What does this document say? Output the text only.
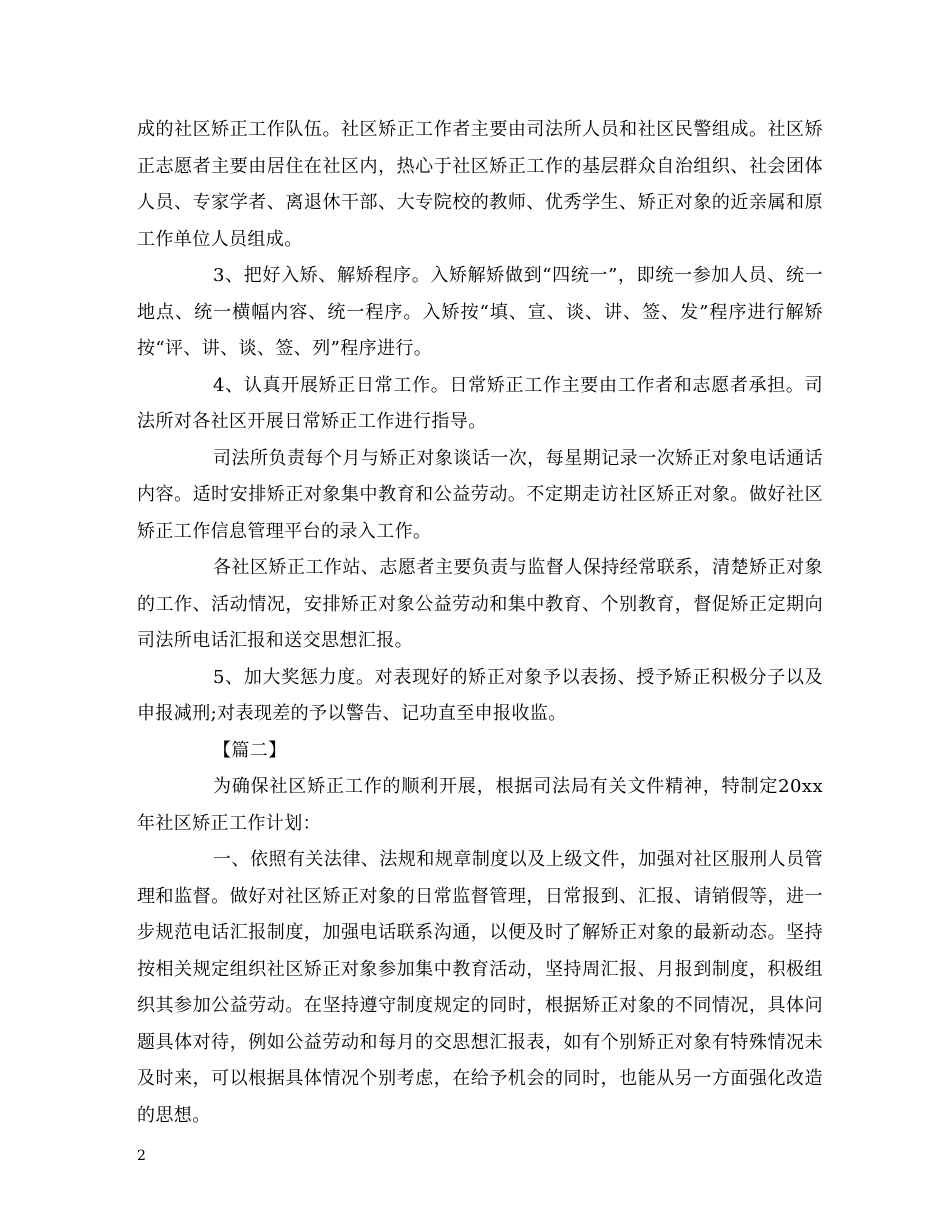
成的社区矫正工作队伍。社区矫正工作者主要由司法所人员和社区民警组成。社区矫正志愿者主要由居住在社区内，热心于社区矫正工作的基层群众自治组织、社会团体人员、专家学者、离退休干部、大专院校的教师、优秀学生、矫正对象的近亲属和原工作单位人员组成。

3、把好入矫、解矫程序。入矫解矫做到“四统一”，即统一参加人员、统一地点、统一横幅内容、统一程序。入矫按“填、宣、谈、讲、签、发”程序进行解矫按“评、讲、谈、签、列”程序进行。

4、认真开展矫正日常工作。日常矫正工作主要由工作者和志愿者承担。司法所对各社区开展日常矫正工作进行指导。

司法所负责每个月与矫正对象谈话一次，每星期记录一次矫正对象电话通话内容。适时安排矫正对象集中教育和公益劳动。不定期走访社区矫正对象。做好社区矫正工作信息管理平台的录入工作。

各社区矫正工作站、志愿者主要负责与监督人保持经常联系，清楚矫正对象的工作、活动情况，安排矫正对象公益劳动和集中教育、个别教育，督促矫正定期向司法所电话汇报和送交思想汇报。

5、加大奖惩力度。对表现好的矫正对象予以表扬、授予矫正积极分子以及申报减刑;对表现差的予以警告、记功直至申报收监。

【篇二】

为确保社区矫正工作的顺利开展，根据司法局有关文件精神，特制定20xx年社区矫正工作计划：

一、依照有关法律、法规和规章制度以及上级文件，加强对社区服刑人员管理和监督。做好对社区矫正对象的日常监督管理，日常报到、汇报、请销假等，进一步规范电话汇报制度，加强电话联系沟通，以便及时了解矫正对象的最新动态。坚持按相关规定组织社区矫正对象参加集中教育活动，坚持周汇报、月报到制度，积极组织其参加公益劳动。在坚持遵守制度规定的同时，根据矫正对象的不同情况，具体问题具体对待，例如公益劳动和每月的交思想汇报表，如有个别矫正对象有特殊情况未及时来，可以根据具体情况个别考虑，在给予机会的同时，也能从另一方面强化改造的思想。

2
